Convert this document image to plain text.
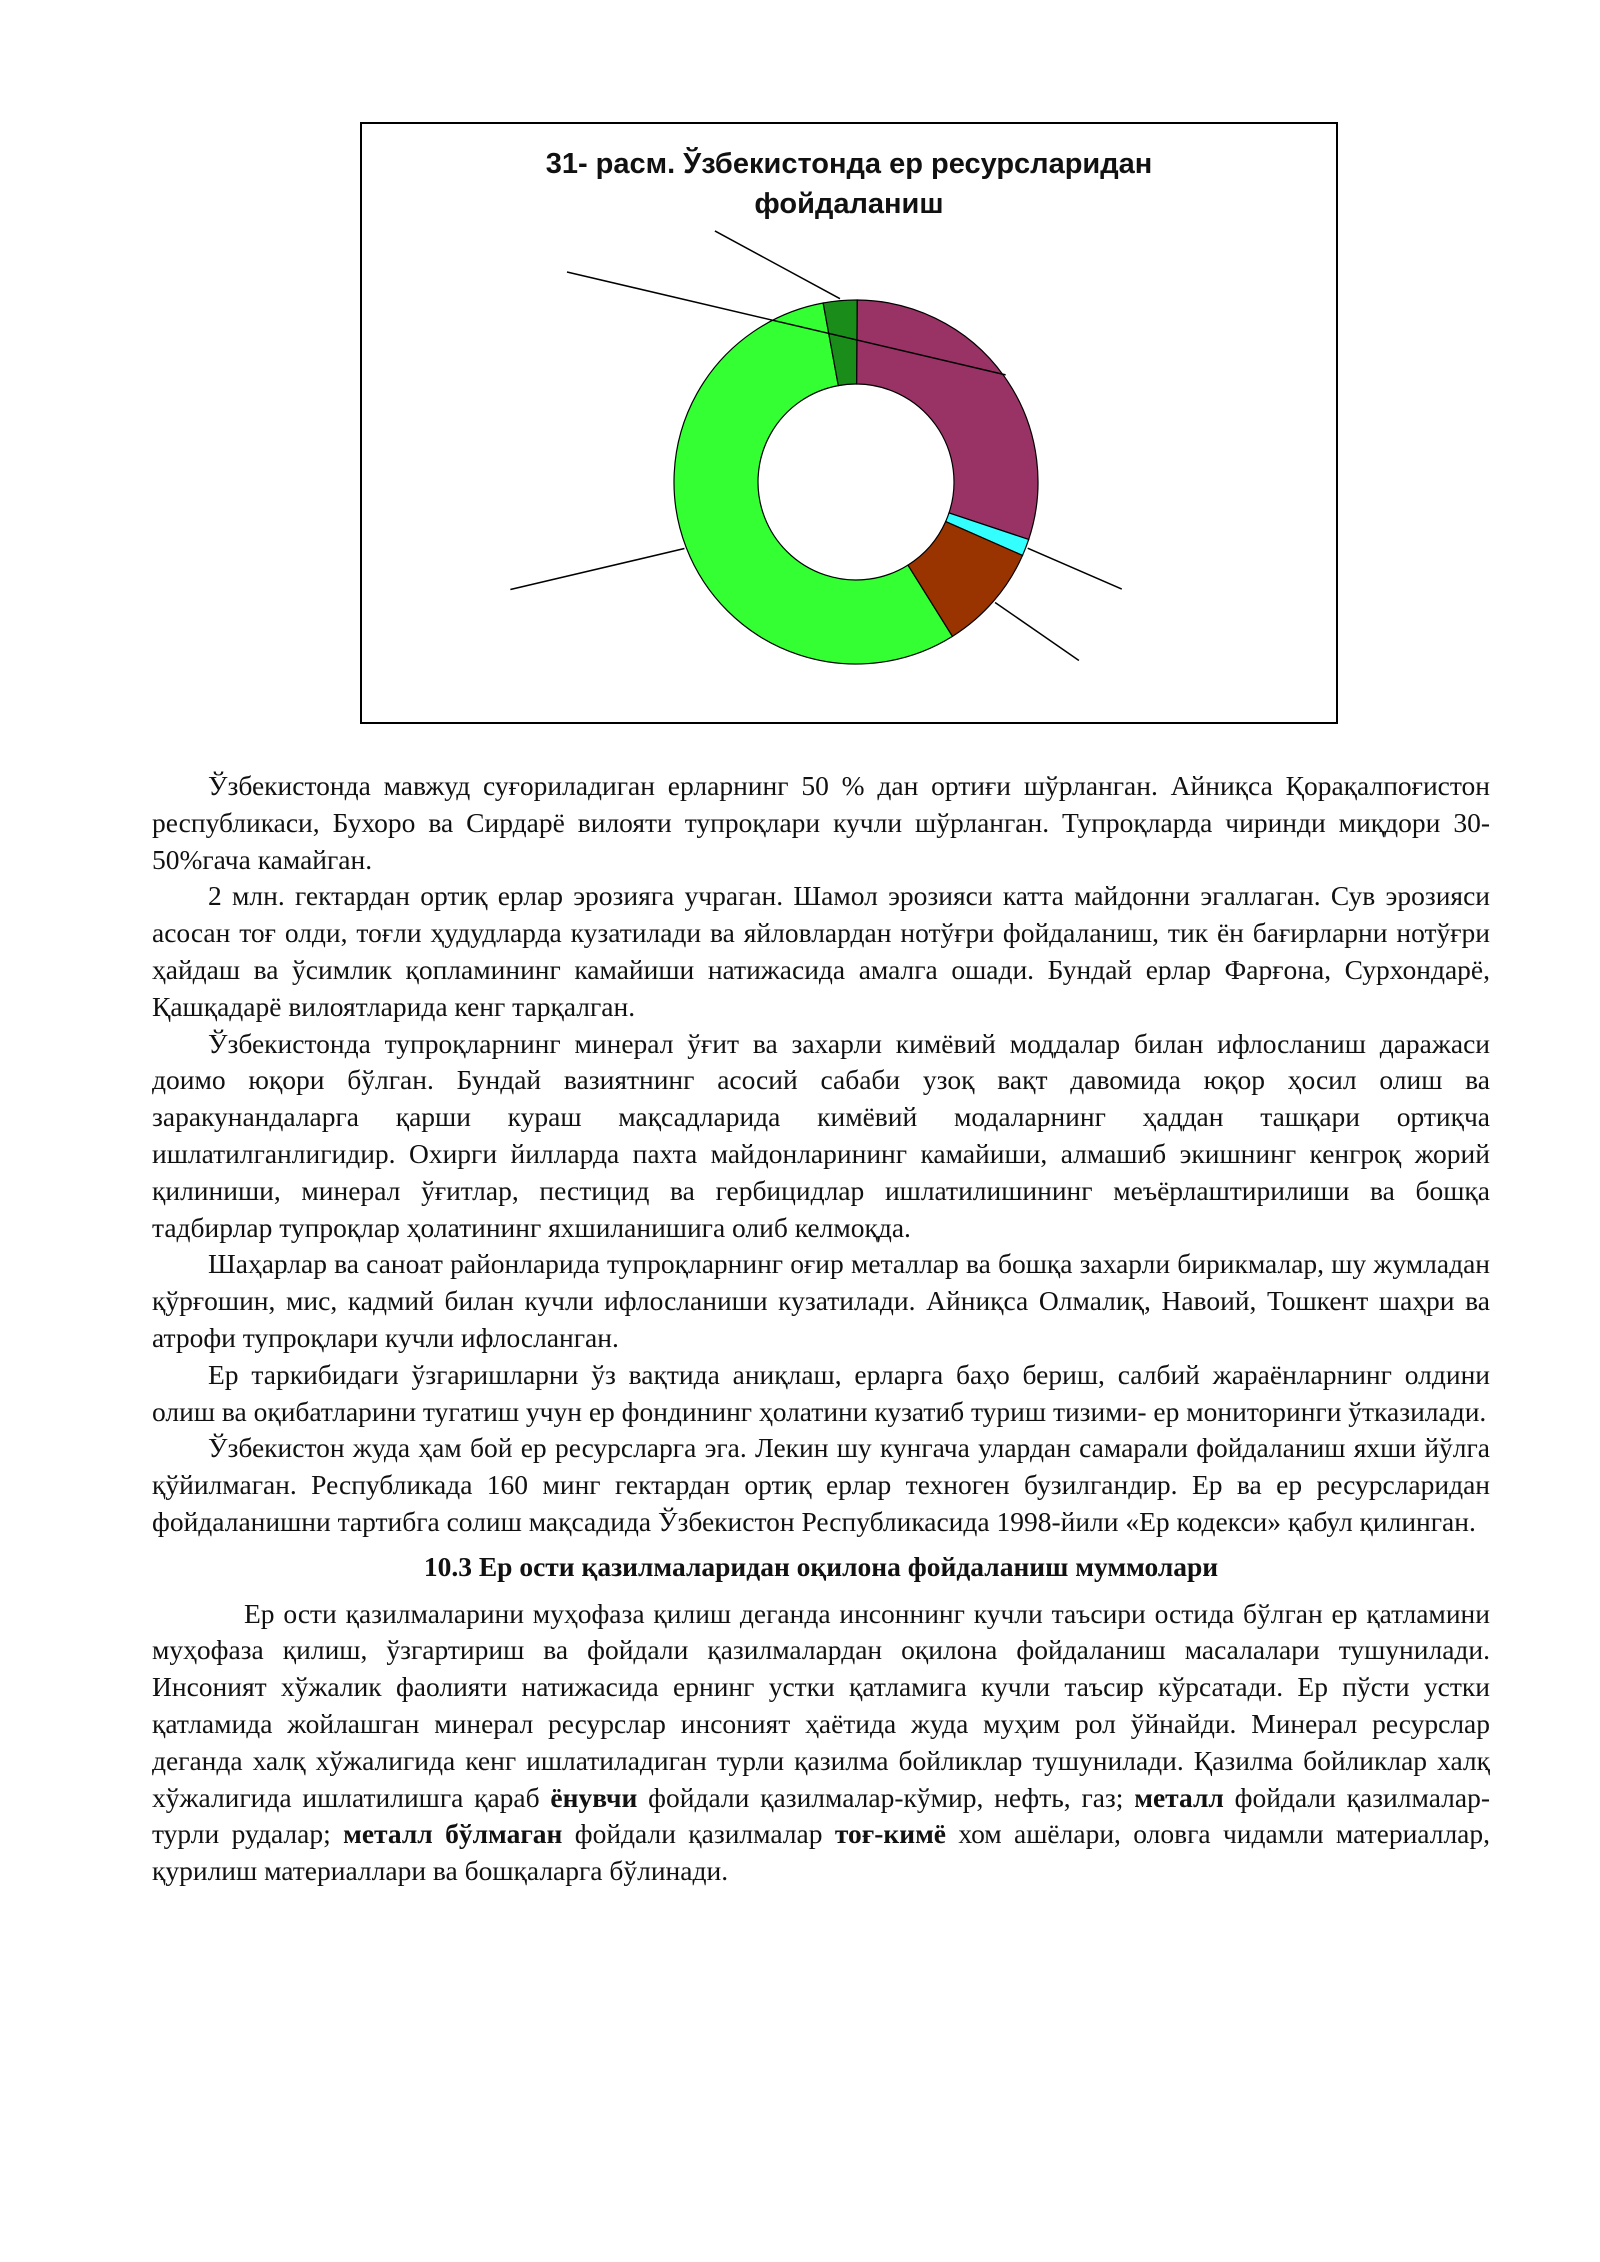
31- расм. Ўзбекистонда ер ресурсларидан
фойдаланиш

Ўзбекистонда мавжуд суғориладиган ерларнинг 50 % дан ортиғи шўрланган. Айниқса Қорақалпоғистон республикаси, Бухоро ва Сирдарё вилояти тупроқлари кучли шўрланган. Тупроқларда чиринди миқдори 30-50%гача камайган.

2 млн. гектардан ортиқ ерлар эрозияга учраган. Шамол эрозияси катта майдонни эгаллаган. Сув эрозияси асосан тоғ олди, тоғли ҳудудларда кузатилади ва яйловлардан нотўғри фойдаланиш, тик ён бағирларни нотўғри ҳайдаш ва ўсимлик қопламининг камайиши натижасида амалга ошади. Бундай ерлар Фарғона, Сурхондарё, Қашқадарё вилоятларида кенг тарқалган.

Ўзбекистонда тупроқларнинг минерал ўғит ва захарли кимёвий моддалар билан ифлосланиш даражаси доимо юқори бўлган. Бундай вазиятнинг асосий сабаби узоқ вақт давомида юқор ҳосил олиш ва заракунандаларга қарши кураш мақсадларида кимёвий модаларнинг ҳаддан ташқари ортиқча ишлатилганлигидир. Охирги йилларда пахта майдонларининг камайиши, алмашиб экишнинг кенгроқ жорий қилиниши, минерал ўғитлар, пестицид ва гербицидлар ишлатилишининг меъёрлаштирилиши ва бошқа тадбирлар тупроқлар ҳолатининг яхшиланишига олиб келмоқда.

Шаҳарлар ва саноат районларида тупроқларнинг оғир металлар ва бошқа захарли бирикмалар, шу жумладан қўрғошин, мис, кадмий билан кучли ифлосланиши кузатилади. Айниқса Олмалиқ, Навоий, Тошкент шаҳри ва атрофи тупроқлари кучли ифлосланган.

Ер таркибидаги ўзгаришларни ўз вақтида аниқлаш, ерларга баҳо бериш, салбий жараёнларнинг олдини олиш ва оқибатларини тугатиш учун ер фондининг ҳолатини кузатиб туриш тизими- ер мониторинги ўтказилади.

Ўзбекистон жуда ҳам бой ер ресурсларга эга. Лекин шу кунгача улардан самарали фойдаланиш яхши йўлга қўйилмаган. Республикада 160 минг гектардан ортиқ ерлар техноген бузилгандир. Ер ва ер ресурсларидан фойдаланишни тартибга солиш мақсадида Ўзбекистон Республикасида 1998-йили «Ер кодекси» қабул қилинган.

10.3 Ер ости қазилмаларидан оқилона фойдаланиш муммолари

Ер ости қазилмаларини муҳофаза қилиш деганда инсоннинг кучли таъсири остида бўлган ер қатламини муҳофаза қилиш, ўзгартириш ва фойдали қазилмалардан оқилона фойдаланиш масалалари тушунилади. Инсоният хўжалик фаолияти натижасида ернинг устки қатламига кучли таъсир кўрсатади. Ер пўсти устки қатламида жойлашган минерал ресурслар инсоният ҳаётида жуда муҳим рол ўйнайди. Минерал ресурслар деганда халқ хўжалигида кенг ишлатиладиган турли қазилма бойликлар тушунилади. Қазилма бойликлар халқ хўжалигида ишлатилишга қараб ёнувчи фойдали қазилмалар-кўмир, нефть, газ; металл фойдали қазилмалар- турли рудалар; металл бўлмаган фойдали қазилмалар тоғ-кимё хом ашёлари, оловга чидамли материаллар, қурилиш материаллари ва бошқаларга бўлинади.
